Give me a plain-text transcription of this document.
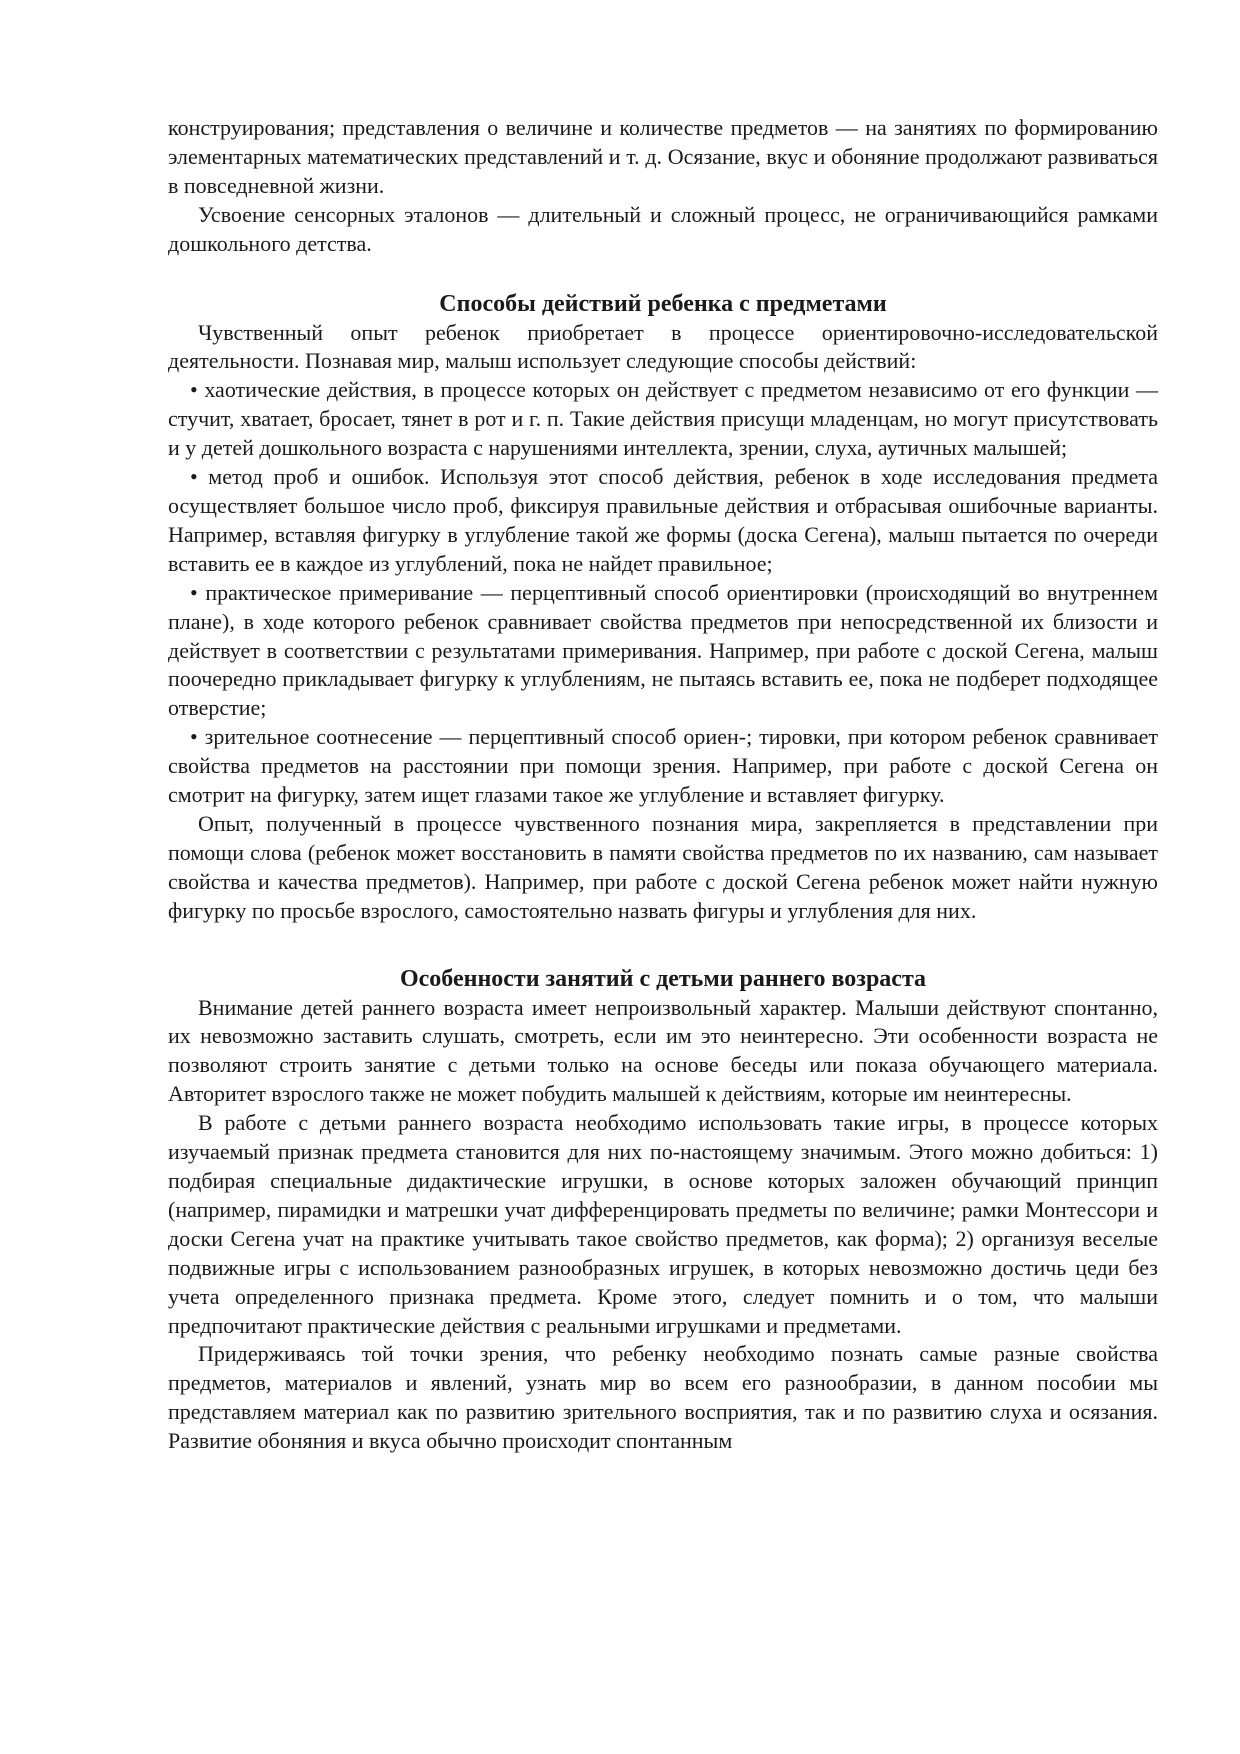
конструирования; представления о величине и количестве предметов — на занятиях по формированию элементарных математических представлений и т. д. Осязание, вкус и обоняние продолжают развиваться в повседневной жизни.

Усвоение сенсорных эталонов — длительный и сложный процесс, не ограничивающийся рамками дошкольного детства.

Способы действий ребенка с предметами

Чувственный опыт ребенок приобретает в процессе ориентировочно-исследовательской деятельности. Познавая мир, малыш использует следующие способы действий:

• хаотические действия, в процессе которых он действует с предметом независимо от его функции — стучит, хватает, бросает, тянет в рот и г. п. Такие действия присущи младенцам, но могут присутствовать и у детей дошкольного возраста с нарушениями интеллекта, зрении, слуха, аутичных малышей;

• метод проб и ошибок. Используя этот способ действия, ребенок в ходе исследования предмета осуществляет большое число проб, фиксируя правильные действия и отбрасывая ошибочные варианты. Например, вставляя фигурку в углубление такой же формы (доска Сегена), малыш пытается по очереди вставить ее в каждое из углублений, пока не найдет правильное;

• практическое примеривание — перцептивный способ ориентировки (происходящий во внутреннем плане), в ходе которого ребенок сравнивает свойства предметов при непосредственной их близости и действует в соответствии с результатами примеривания. Например, при работе с доской Сегена, малыш поочередно прикладывает фигурку к углублениям, не пытаясь вставить ее, пока не подберет подходящее отверстие;

• зрительное соотнесение — перцептивный способ ориен-; тировки, при котором ребенок сравнивает свойства предметов на расстоянии при помощи зрения. Например, при работе с доской Сегена он смотрит на фигурку, затем ищет глазами такое же углубление и вставляет фигурку.

Опыт, полученный в процессе чувственного познания мира, закрепляется в представлении при помощи слова (ребенок может восстановить в памяти свойства предметов по их названию, сам называет свойства и качества предметов). Например, при работе с доской Сегена ребенок может найти нужную фигурку по просьбе взрослого, самостоятельно назвать фигуры и углубления для них.

Особенности занятий с детьми раннего возраста

Внимание детей раннего возраста имеет непроизвольный характер. Малыши действуют спонтанно, их невозможно заставить слушать, смотреть, если им это неинтересно. Эти особенности возраста не позволяют строить занятие с детьми только на основе беседы или показа обучающего материала. Авторитет взрослого также не может побудить малышей к действиям, которые им неинтересны.

В работе с детьми раннего возраста необходимо использовать такие игры, в процессе которых изучаемый признак предмета становится для них по-настоящему значимым. Этого можно добиться: 1) подбирая специальные дидактические игрушки, в основе которых заложен обучающий принцип (например, пирамидки и матрешки учат дифференцировать предметы по величине; рамки Монтессори и доски Сегена учат на практике учитывать такое свойство предметов, как форма); 2) организуя веселые подвижные игры с использованием разнообразных игрушек, в которых невозможно достичь цеди без учета определенного признака предмета. Кроме этого, следует помнить и о том, что малыши предпочитают практические действия с реальными игрушками и предметами.

Придерживаясь той точки зрения, что ребенку необходимо познать самые разные свойства предметов, материалов и явлений, узнать мир во всем его разнообразии, в данном пособии мы представляем материал как по развитию зрительного восприятия, так и по развитию слуха и осязания. Развитие обоняния и вкуса обычно происходит спонтанным
